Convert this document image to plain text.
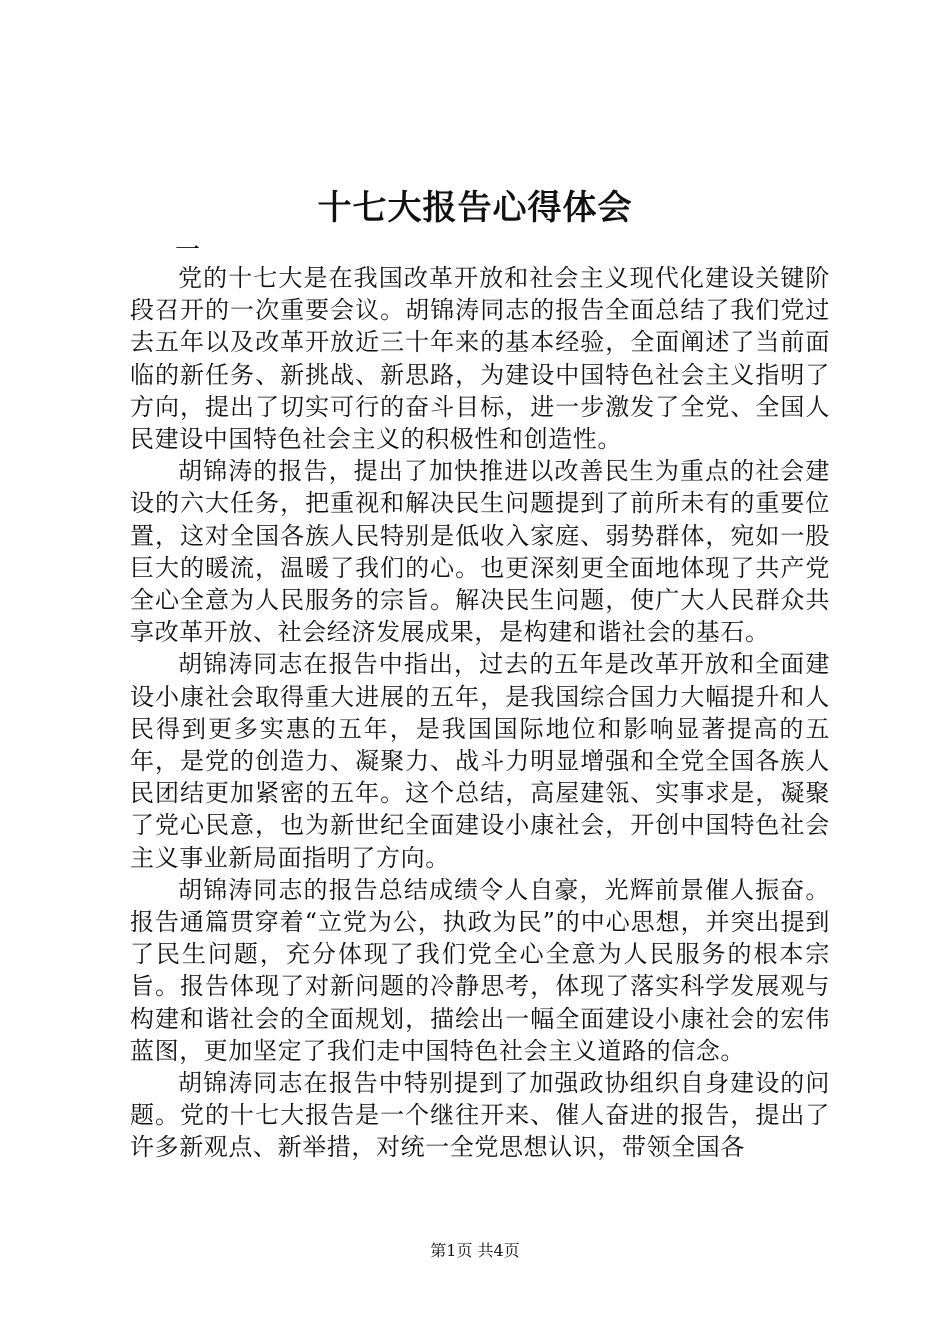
十七大报告心得体会
一

党的十七大是在我国改革开放和社会主义现代化建设关键阶段召开的一次重要会议。胡锦涛同志的报告全面总结了我们党过去五年以及改革开放近三十年来的基本经验，全面阐述了当前面临的新任务、新挑战、新思路，为建设中国特色社会主义指明了方向，提出了切实可行的奋斗目标，进一步激发了全党、全国人民建设中国特色社会主义的积极性和创造性。

胡锦涛的报告，提出了加快推进以改善民生为重点的社会建设的六大任务，把重视和解决民生问题提到了前所未有的重要位置，这对全国各族人民特别是低收入家庭、弱势群体，宛如一股巨大的暖流，温暖了我们的心。也更深刻更全面地体现了共产党全心全意为人民服务的宗旨。解决民生问题，使广大人民群众共享改革开放、社会经济发展成果，是构建和谐社会的基石。

胡锦涛同志在报告中指出，过去的五年是改革开放和全面建设小康社会取得重大进展的五年，是我国综合国力大幅提升和人民得到更多实惠的五年，是我国国际地位和影响显著提高的五年，是党的创造力、凝聚力、战斗力明显增强和全党全国各族人民团结更加紧密的五年。这个总结，高屋建瓴、实事求是，凝聚了党心民意，也为新世纪全面建设小康社会，开创中国特色社会主义事业新局面指明了方向。

胡锦涛同志的报告总结成绩令人自豪，光辉前景催人振奋。报告通篇贯穿着“立党为公，执政为民”的中心思想，并突出提到了民生问题，充分体现了我们党全心全意为人民服务的根本宗旨。报告体现了对新问题的冷静思考，体现了落实科学发展观与构建和谐社会的全面规划，描绘出一幅全面建设小康社会的宏伟蓝图，更加坚定了我们走中国特色社会主义道路的信念。

胡锦涛同志在报告中特别提到了加强政协组织自身建设的问题。党的十七大报告是一个继往开来、催人奋进的报告，提出了许多新观点、新举措，对统一全党思想认识，带领全国各

第1页 共4页
